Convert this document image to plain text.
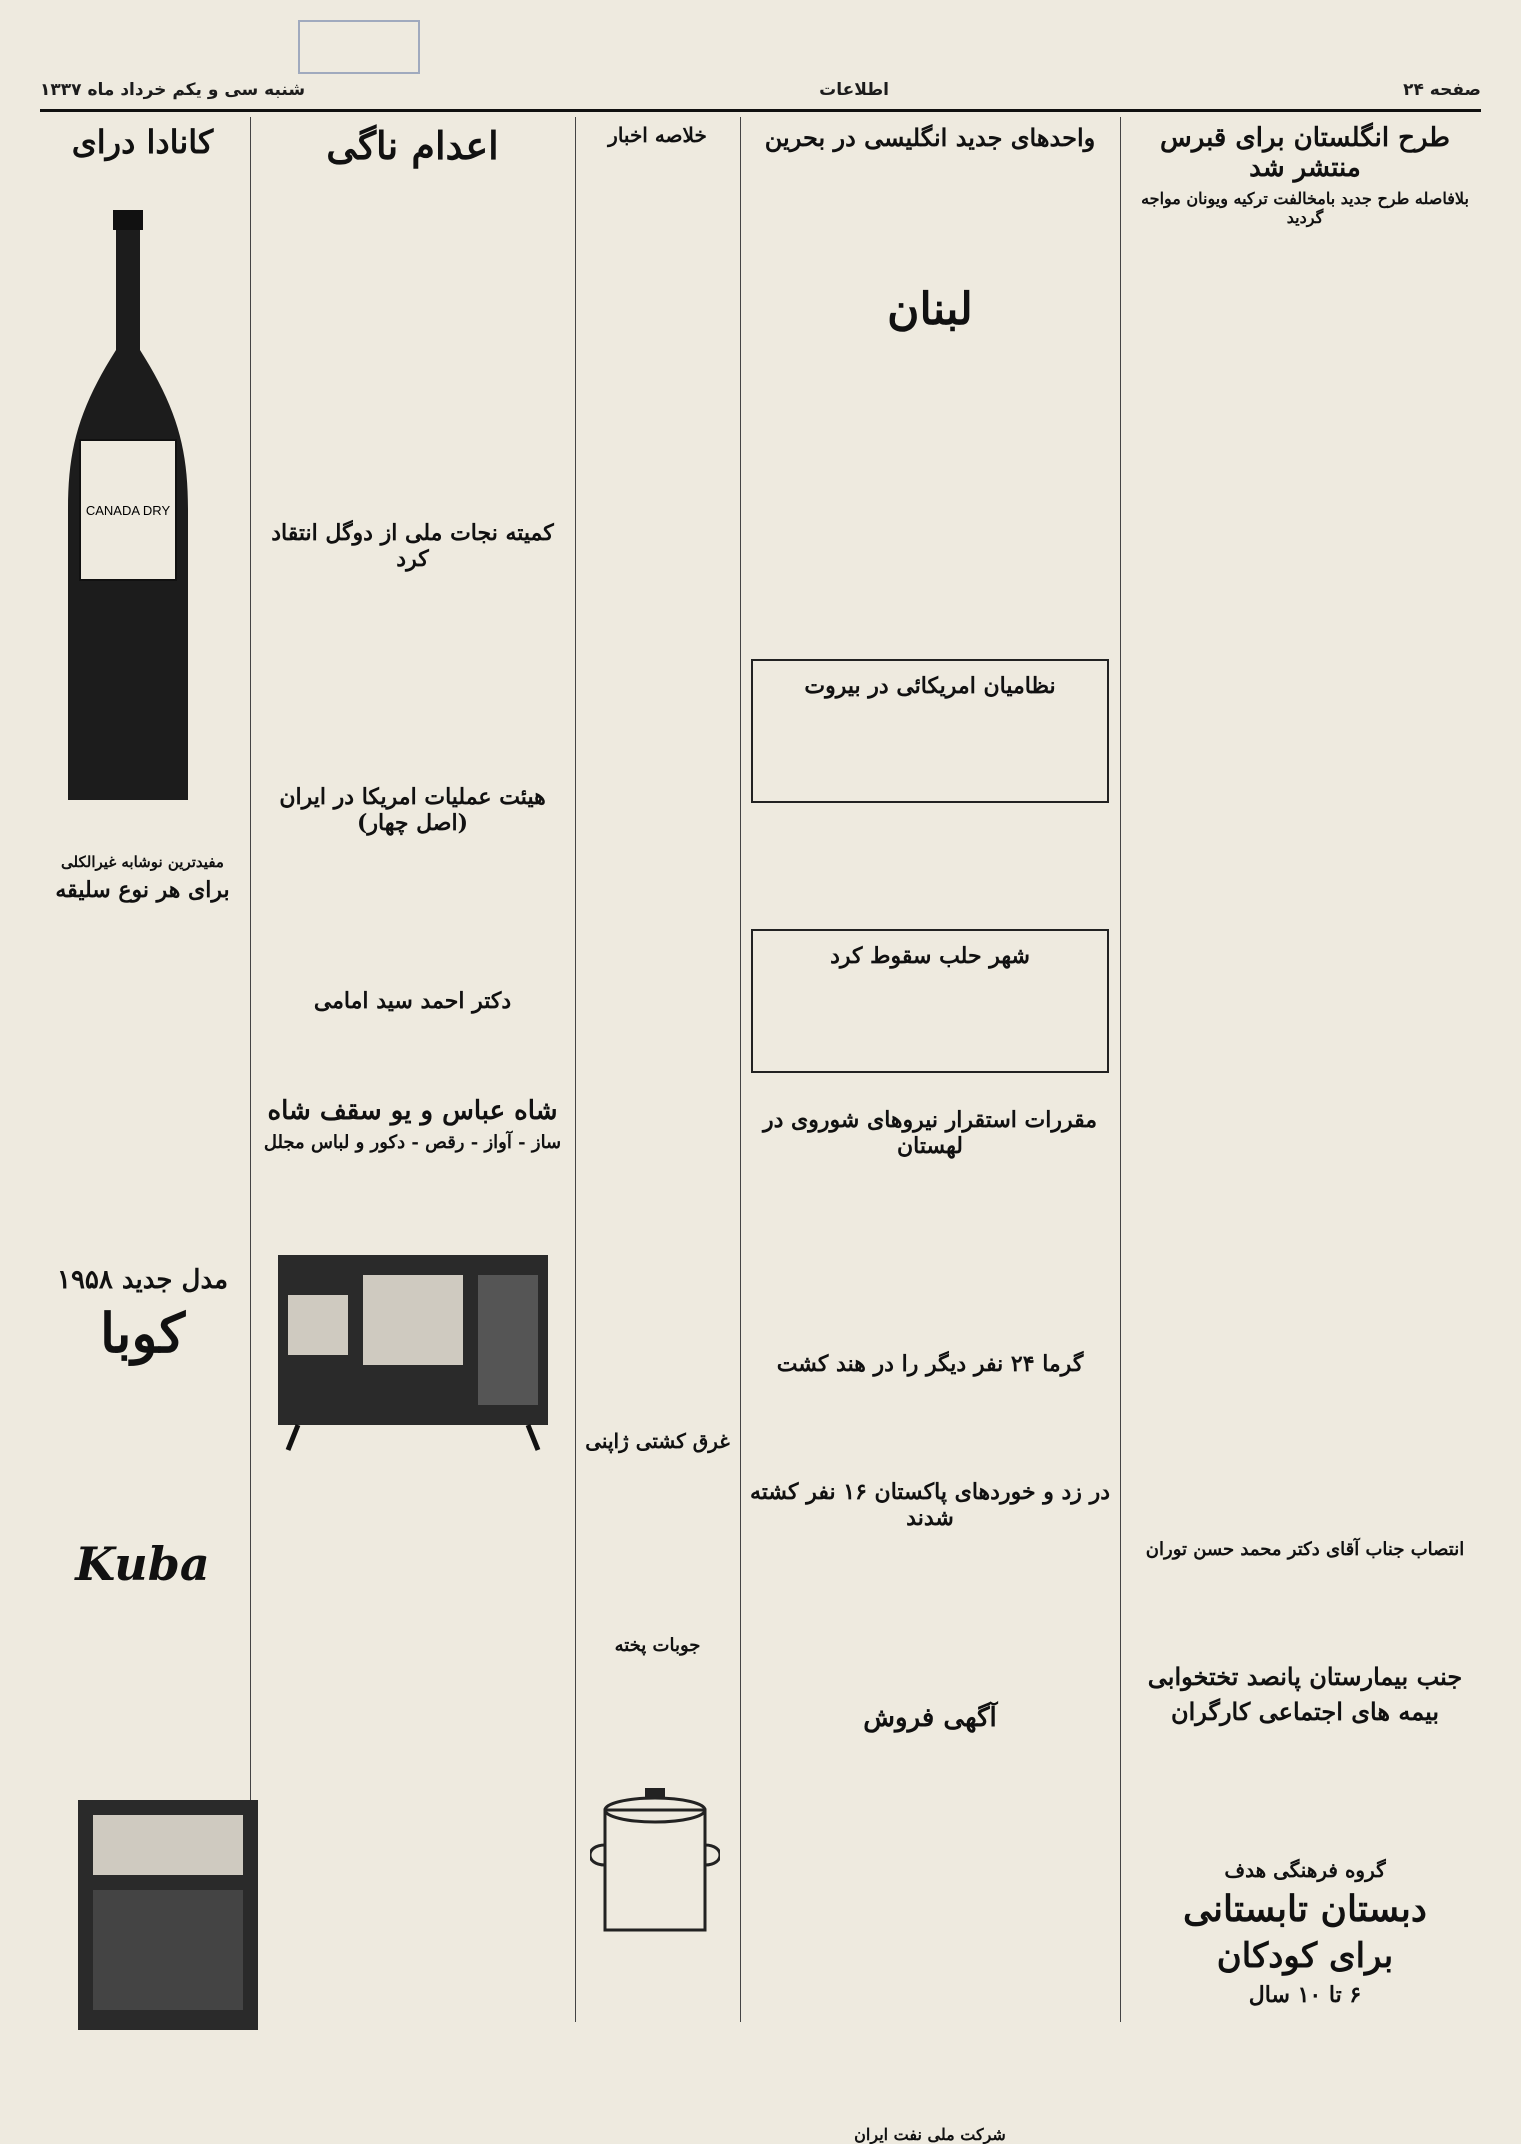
صفحه ۲۴
اطلاعات
شنبه سی و یکم خرداد ماه ۱۳۳۷
طرح انگلستان برای قبرس منتشر شد
بلافاصله طرح جدید بامخالفت ترکیه ویونان مواجه گردید
انتصاب جناب آقای دکتر محمد حسن توران
جنب بیمارستان پانصد تختخوابی
بیمه های اجتماعی کارگران
گروه فرهنگی هدف
دبستان تابستانی
برای کودکان
۶ تا ۱۰ سال
واحدهای جدید انگلیسی در بحرین
لبنان
نظامیان امریکائی در بیروت
شهر حلب سقوط کرد
مقررات استقرار نیروهای شوروی در لهستان
گرما ۲۴ نفر دیگر را در هند کشت
در زد و خوردهای پاکستان ۱۶ نفر کشته شدند
آگهی فروش
شرکت ملی نفت ایران
خلاصه اخبار
غرق کشتی ژاپنی
جوبات پخته
اعدام ناگی
کمیته نجات ملی از دوگل انتقاد کرد
هیئت عملیات امریکا در ایران (اصل چهار)
دکتر احمد سید امامی
شاه عباس و یو سقف شاه
ساز - آواز - رقص - دکور و لباس مجلل
کانادا درای
مفیدترین نوشابه غیرالکلی
برای هر نوع سلیقه
مدل جدید ۱۹۵۸
کوبا
Kuba
CANADA DRY
